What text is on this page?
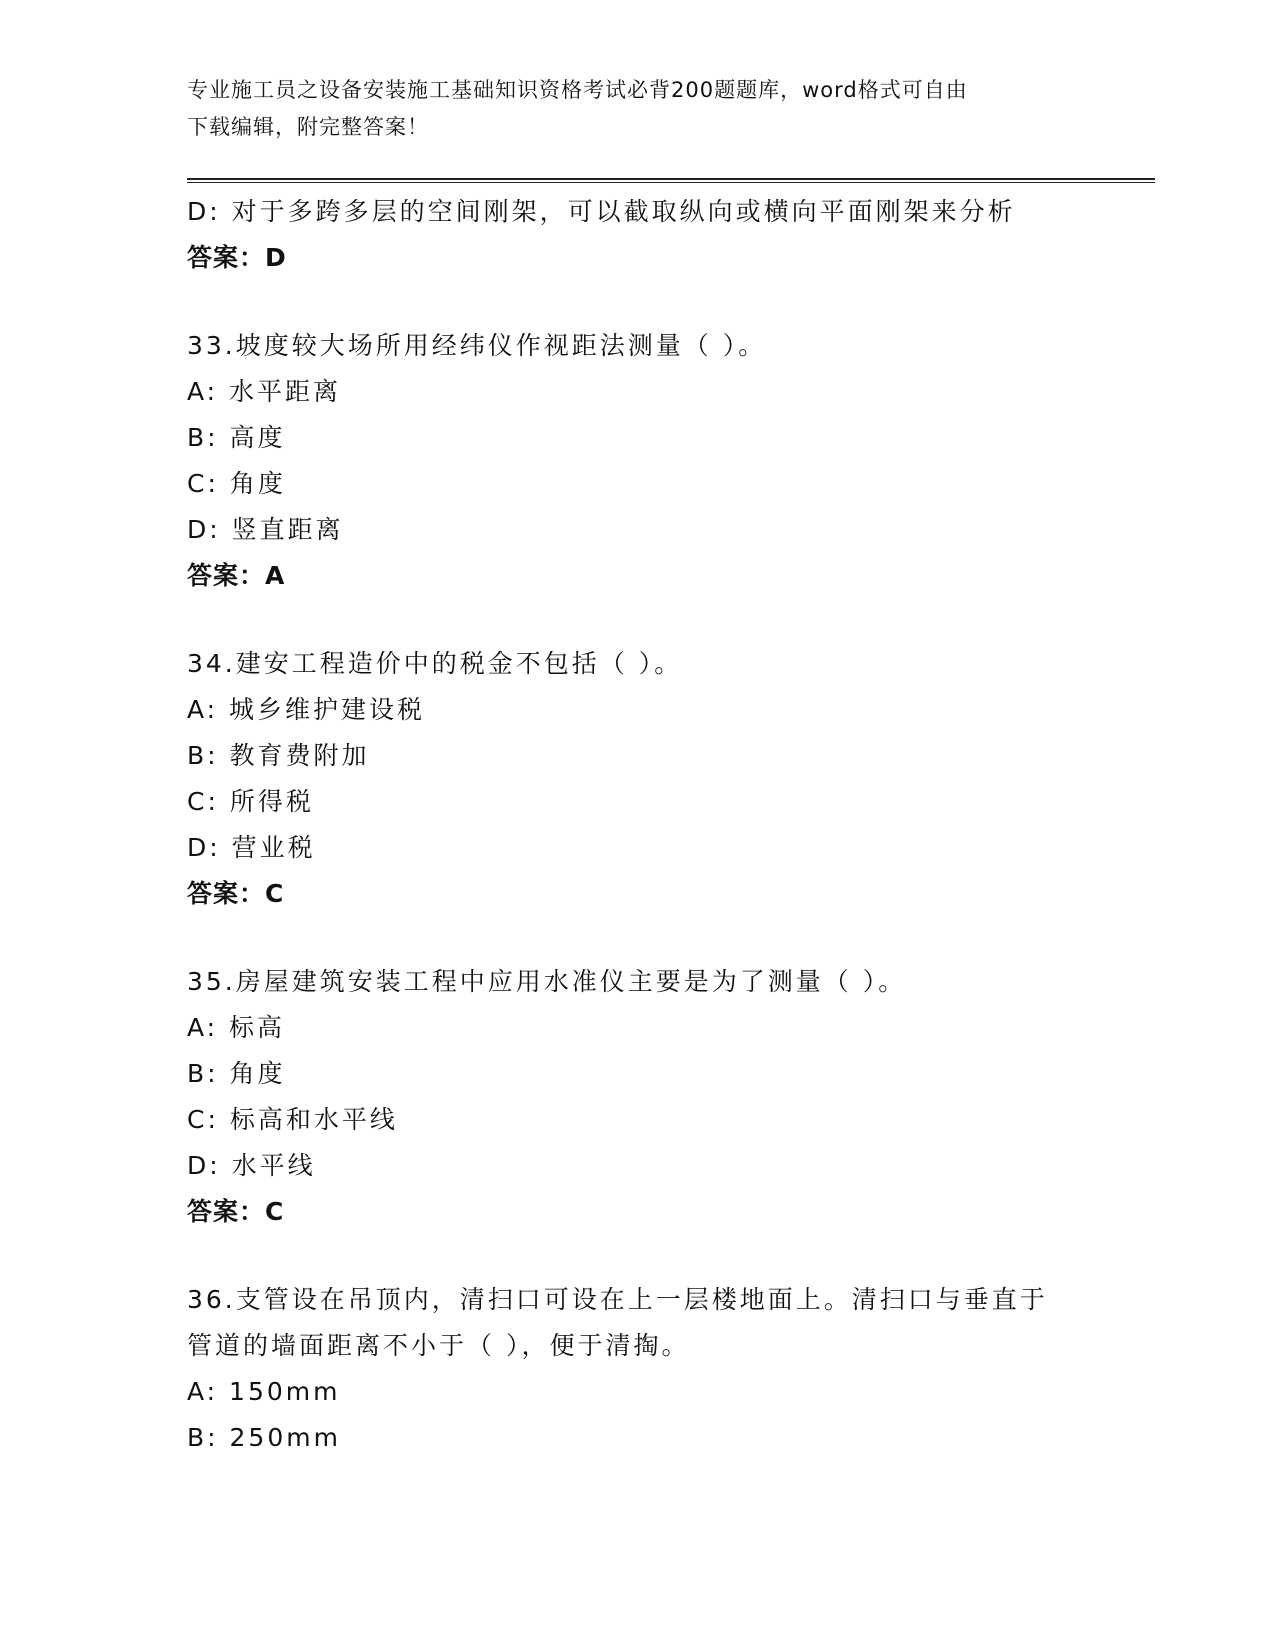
专业施工员之设备安装施工基础知识资格考试必背200题题库，word格式可自由
下载编辑，附完整答案！
D: 对于多跨多层的空间刚架，可以截取纵向或横向平面刚架来分析
答案：D
33.坡度较大场所用经纬仪作视距法测量（ ）。
A: 水平距离
B: 高度
C: 角度
D: 竖直距离
答案：A
34.建安工程造价中的税金不包括（ ）。
A: 城乡维护建设税
B: 教育费附加
C: 所得税
D: 营业税
答案：C
35.房屋建筑安装工程中应用水准仪主要是为了测量（ ）。
A: 标高
B: 角度
C: 标高和水平线
D: 水平线
答案：C
36.支管设在吊顶内，清扫口可设在上一层楼地面上。清扫口与垂直于
管道的墙面距离不小于（ ），便于清掏。
A: 150mm
B: 250mm
